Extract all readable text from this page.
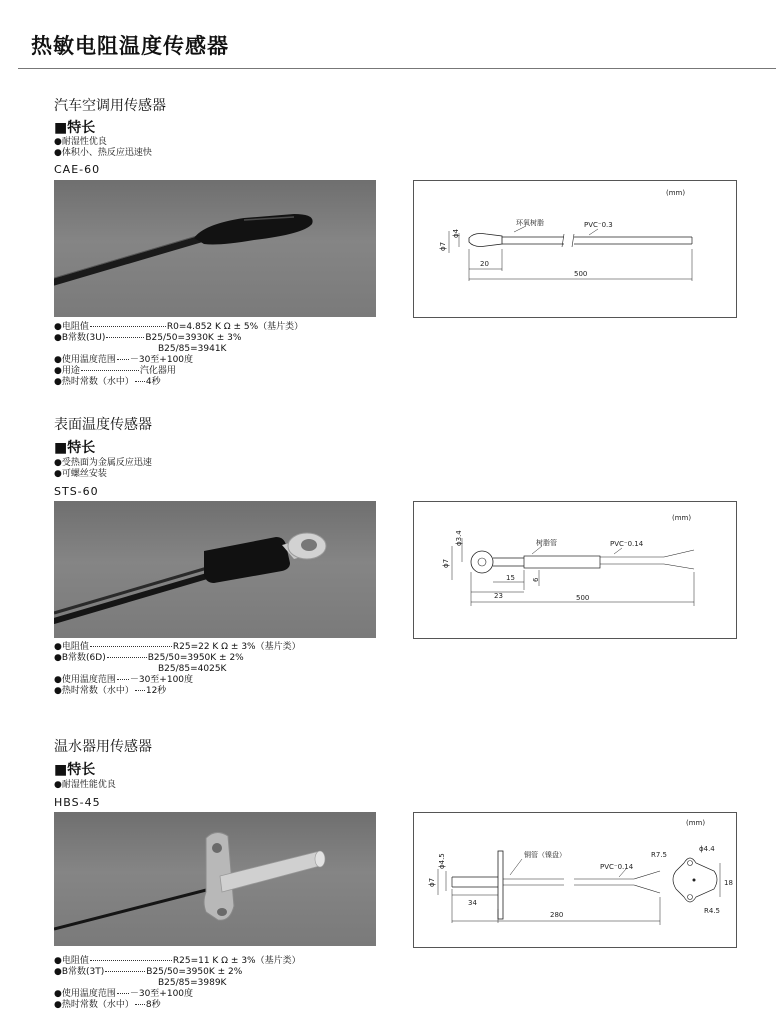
热敏电阻温度传感器
汽车空调用传感器
■特长
●耐湿性优良
●体积小、热反应迅速快
CAE-60
●电阻值	R0=4.852 K Ω ± 5%（基片类）
●B常数(3U)	B25/50=3930K ± 3%
B25/85=3941K
●使用温度范围 －30至+100度
●用途	汽化器用
●热时常数（水中） 4秒
(mm)
ϕ7
ϕ4
环氧树脂	PVC⁻0.3
20
500
表面温度传感器
■特长
●受热面为金属反应迅速
●可螺丝安装
STS-60
●电阻值	R25=22 K Ω ± 3%（基片类）
●B常数(6D)	B25/50=3950K ± 2%
B25/85=4025K
●使用温度范围 －30至+100度
●热时常数（水中） 12秒
(mm)
ϕ7
ϕ3.4	树脂管	PVC⁻0.14
15 6
23	500
温水器用传感器
■特长
●耐湿性能优良
HBS-45
●电阻值	R25=11 K Ω ± 3%（基片类）
●B常数(3T)	B25/50=3950K ± 2%
B25/85=3989K
●使用温度范围 －30至+100度
●热时常数（水中） 8秒
(mm)
ϕ7
ϕ4.5	铜管（镍盘）
PVC⁻0.14
34
280
R7.5
ϕ4.4
18
R4.5
